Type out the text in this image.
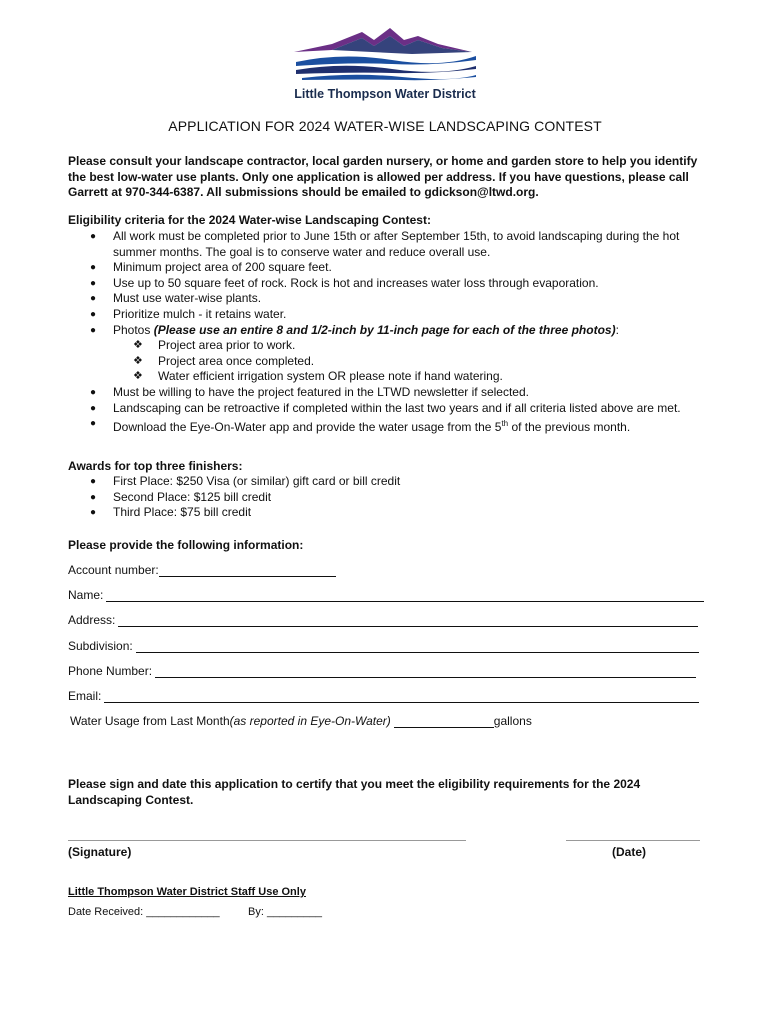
Little Thompson Water District
APPLICATION FOR 2024 WATER-WISE LANDSCAPING CONTEST
Please consult your landscape contractor, local garden nursery, or home and garden store to help you identify the best low-water use plants. Only one application is allowed per address. If you have questions, please call Garrett at 970-344-6387. All submissions should be emailed to gdickson@ltwd.org.
Eligibility criteria for the 2024 Water-wise Landscaping Contest:
● All work must be completed prior to June 15th or after September 15th, to avoid landscaping during the hot summer months. The goal is to conserve water and reduce overall use.
● Minimum project area of 200 square feet.
● Use up to 50 square feet of rock. Rock is hot and increases water loss through evaporation.
● Must use water-wise plants.
● Prioritize mulch - it retains water.
● Photos (Please use an entire 8 and 1/2-inch by 11-inch page for each of the three photos):
❖ Project area prior to work.
❖ Project area once completed.
❖ Water efficient irrigation system OR please note if hand watering.
● Must be willing to have the project featured in the LTWD newsletter if selected.
● Landscaping can be retroactive if completed within the last two years and if all criteria listed above are met.
● Download the Eye-On-Water app and provide the water usage from the 5th of the previous month.
Awards for top three finishers:
● First Place: $250 Visa (or similar) gift card or bill credit
● Second Place: $125 bill credit
● Third Place: $75 bill credit
Please provide the following information:
Account number:
Name:
Address:
Subdivision:
Phone Number:
Email:
Water Usage from Last Month (as reported in Eye-On-Water)	gallons
Please sign and date this application to certify that you meet the eligibility requirements for the 2024 Landscaping Contest.
(Signature)	(Date)
Little Thompson Water District Staff Use Only
Date Received: ____________	By: _________
